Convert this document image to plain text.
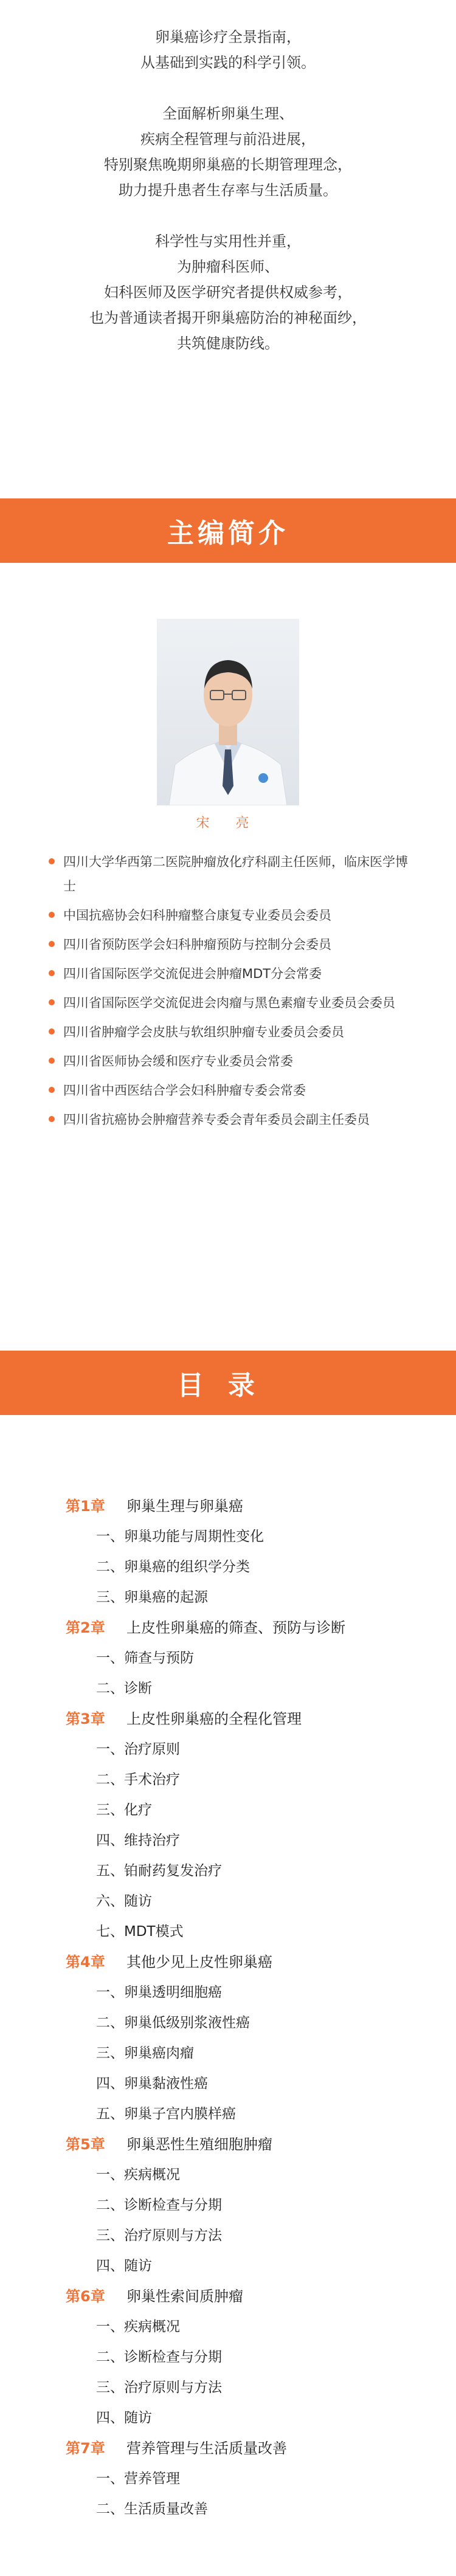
卵巢癌诊疗全景指南，
从基础到实践的科学引领。
全面解析卵巢生理、
疾病全程管理与前沿进展，
特别聚焦晚期卵巢癌的长期管理理念，
助力提升患者生存率与生活质量。
科学性与实用性并重，
为肿瘤科医师、
妇科医师及医学研究者提供权威参考，
也为普通读者揭开卵巢癌防治的神秘面纱，
共筑健康防线。
主编简介
宋 亮
四川大学华西第二医院肿瘤放化疗科副主任医师，临床医学博士
中国抗癌协会妇科肿瘤整合康复专业委员会委员
四川省预防医学会妇科肿瘤预防与控制分会委员
四川省国际医学交流促进会肿瘤MDT分会常委
四川省国际医学交流促进会肉瘤与黑色素瘤专业委员会委员
四川省肿瘤学会皮肤与软组织肿瘤专业委员会委员
四川省医师协会缓和医疗专业委员会常委
四川省中西医结合学会妇科肿瘤专委会常委
四川省抗癌协会肿瘤营养专委会青年委员会副主任委员
目录
第1章	卵巢生理与卵巢癌
一、卵巢功能与周期性变化
二、卵巢癌的组织学分类
三、卵巢癌的起源
第2章	上皮性卵巢癌的筛查、预防与诊断
一、筛查与预防
二、诊断
第3章	上皮性卵巢癌的全程化管理
一、治疗原则
二、手术治疗
三、化疗
四、维持治疗
五、铂耐药复发治疗
六、随访
七、MDT模式
第4章	其他少见上皮性卵巢癌
一、卵巢透明细胞癌
二、卵巢低级别浆液性癌
三、卵巢癌肉瘤
四、卵巢黏液性癌
五、卵巢子宫内膜样癌
第5章	卵巢恶性生殖细胞肿瘤
一、疾病概况
二、诊断检查与分期
三、治疗原则与方法
四、随访
第6章	卵巢性索间质肿瘤
一、疾病概况
二、诊断检查与分期
三、治疗原则与方法
四、随访
第7章	营养管理与生活质量改善
一、营养管理
二、生活质量改善
